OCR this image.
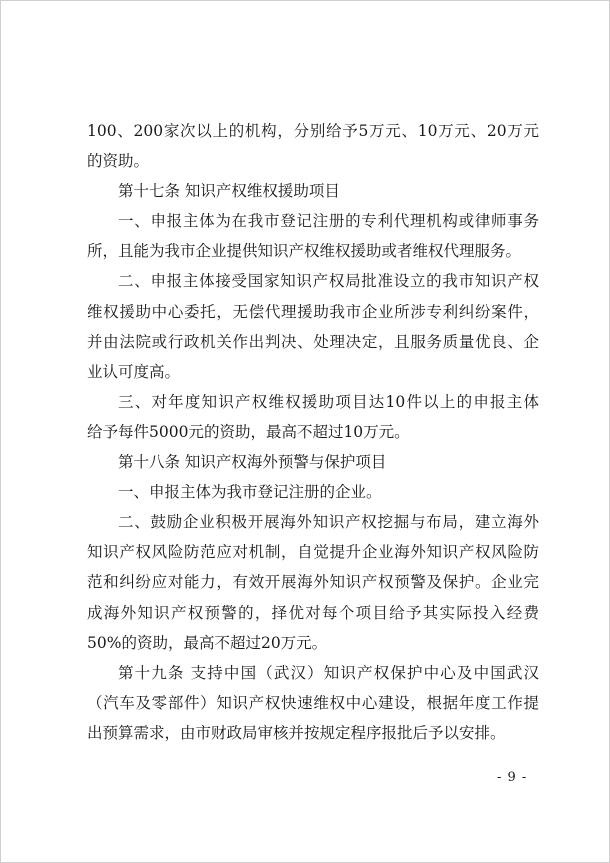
100、200家次以上的机构，分别给予5万元、10万元、20万元
的资助。
第十七条 知识产权维权援助项目
一、申报主体为在我市登记注册的专利代理机构或律师事务
所，且能为我市企业提供知识产权维权援助或者维权代理服务。
二、申报主体接受国家知识产权局批准设立的我市知识产权
维权援助中心委托，无偿代理援助我市企业所涉专利纠纷案件，
并由法院或行政机关作出判决、处理决定，且服务质量优良、企
业认可度高。
三、对年度知识产权维权援助项目达10件以上的申报主体
给予每件5000元的资助，最高不超过10万元。
第十八条 知识产权海外预警与保护项目
一、申报主体为我市登记注册的企业。
二、鼓励企业积极开展海外知识产权挖掘与布局，建立海外
知识产权风险防范应对机制，自觉提升企业海外知识产权风险防
范和纠纷应对能力，有效开展海外知识产权预警及保护。企业完
成海外知识产权预警的，择优对每个项目给予其实际投入经费
50%的资助，最高不超过20万元。
第十九条 支持中国（武汉）知识产权保护中心及中国武汉
（汽车及零部件）知识产权快速维权中心建设，根据年度工作提
出预算需求，由市财政局审核并按规定程序报批后予以安排。
- 9 -
